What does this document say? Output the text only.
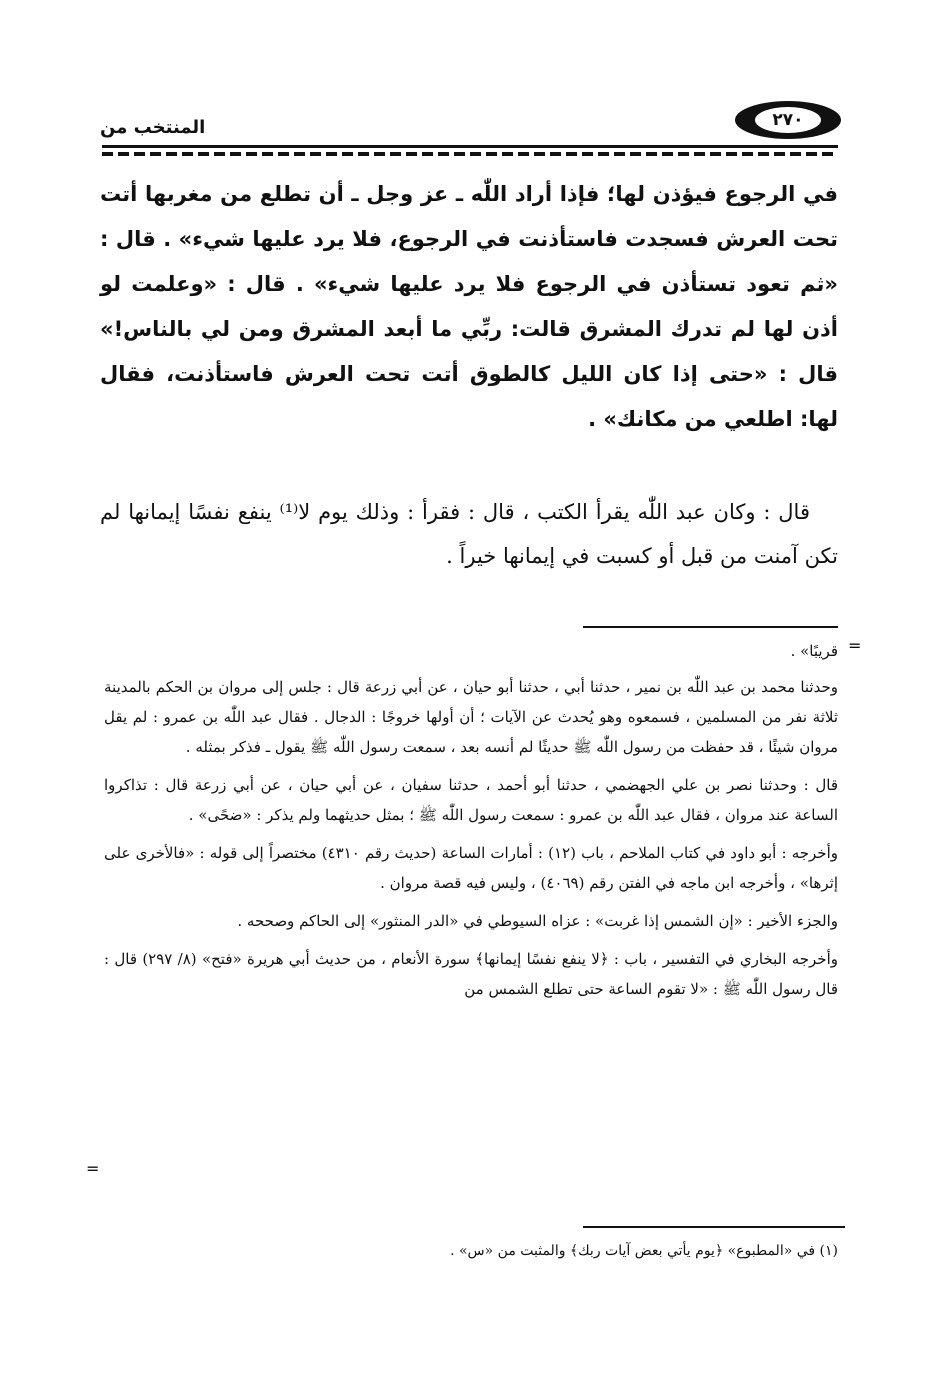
٢٧٠
المنتخب من
في الرجوع فيؤذن لها؛ فإذا أراد اللّٰه ـ عز وجل ـ أن تطلع من مغربها أتت تحت العرش فسجدت فاستأذنت في الرجوع، فلا يرد عليها شيء» . قال : «ثم تعود تستأذن في الرجوع فلا يرد عليها شيء» . قال : «وعلمت لو أذن لها لم تدرك المشرق قالت: ربِّي ما أبعد المشرق ومن لي بالناس!» قال : «حتى إذا كان الليل كالطوق أتت تحت العرش فاستأذنت، فقال لها: اطلعي من مكانك» .
قال : وكان عبد اللّٰه يقرأ الكتب ، قال : فقرأ : وذلك يوم لا⁽¹⁾ ينفع نفسًا إيمانها لم تكن آمنت من قبل أو كسبت في إيمانها خيراً .
=

قريبًا» .

وحدثنا محمد بن عبد اللّٰه بن نمير ، حدثنا أبي ، حدثنا أبو حيان ، عن أبي زرعة قال : جلس إلى مروان بن الحكم بالمدينة ثلاثة نفر من المسلمين ، فسمعوه وهو يُحدث عن الآيات ؛ أن أولها خروجًا : الدجال . فقال عبد اللّٰه بن عمرو : لم يقل مروان شيئًا ، قد حفظت من رسول اللّٰه ﷺ حديثًا لم أنسه بعد ، سمعت رسول اللّٰه ﷺ يقول ـ فذكر بمثله .

قال : وحدثنا نصر بن علي الجهضمي ، حدثنا أبو أحمد ، حدثنا سفيان ، عن أبي حيان ، عن أبي زرعة قال : تذاكروا الساعة عند مروان ، فقال عبد اللّٰه بن عمرو : سمعت رسول اللّٰه ﷺ ؛ بمثل حديثهما ولم يذكر : «ضحًى» .

وأخرجه : أبو داود في كتاب الملاحم ، باب (١٢) : أمارات الساعة (حديث رقم ٤٣١٠) مختصراً إلى قوله : «فالأخرى على إثرها» ، وأخرجه ابن ماجه في الفتن رقم (٤٠٦٩) ، وليس فيه قصة مروان .

والجزء الأخير : «إن الشمس إذا غربت» : عزاه السيوطي في «الدر المنثور» إلى الحاكم وصححه .

وأخرجه البخاري في التفسير ، باب : ﴿لا ينفع نفسًا إيمانها﴾ سورة الأنعام ، من حديث أبي هريرة «فتح» (٨/ ٢٩٧) قال : قال رسول اللّٰه ﷺ : «لا تقوم الساعة حتى تطلع الشمس من

=
(١) في «المطبوع» ﴿يوم يأتي بعض آيات ربك﴾ والمثبت من «س» .
